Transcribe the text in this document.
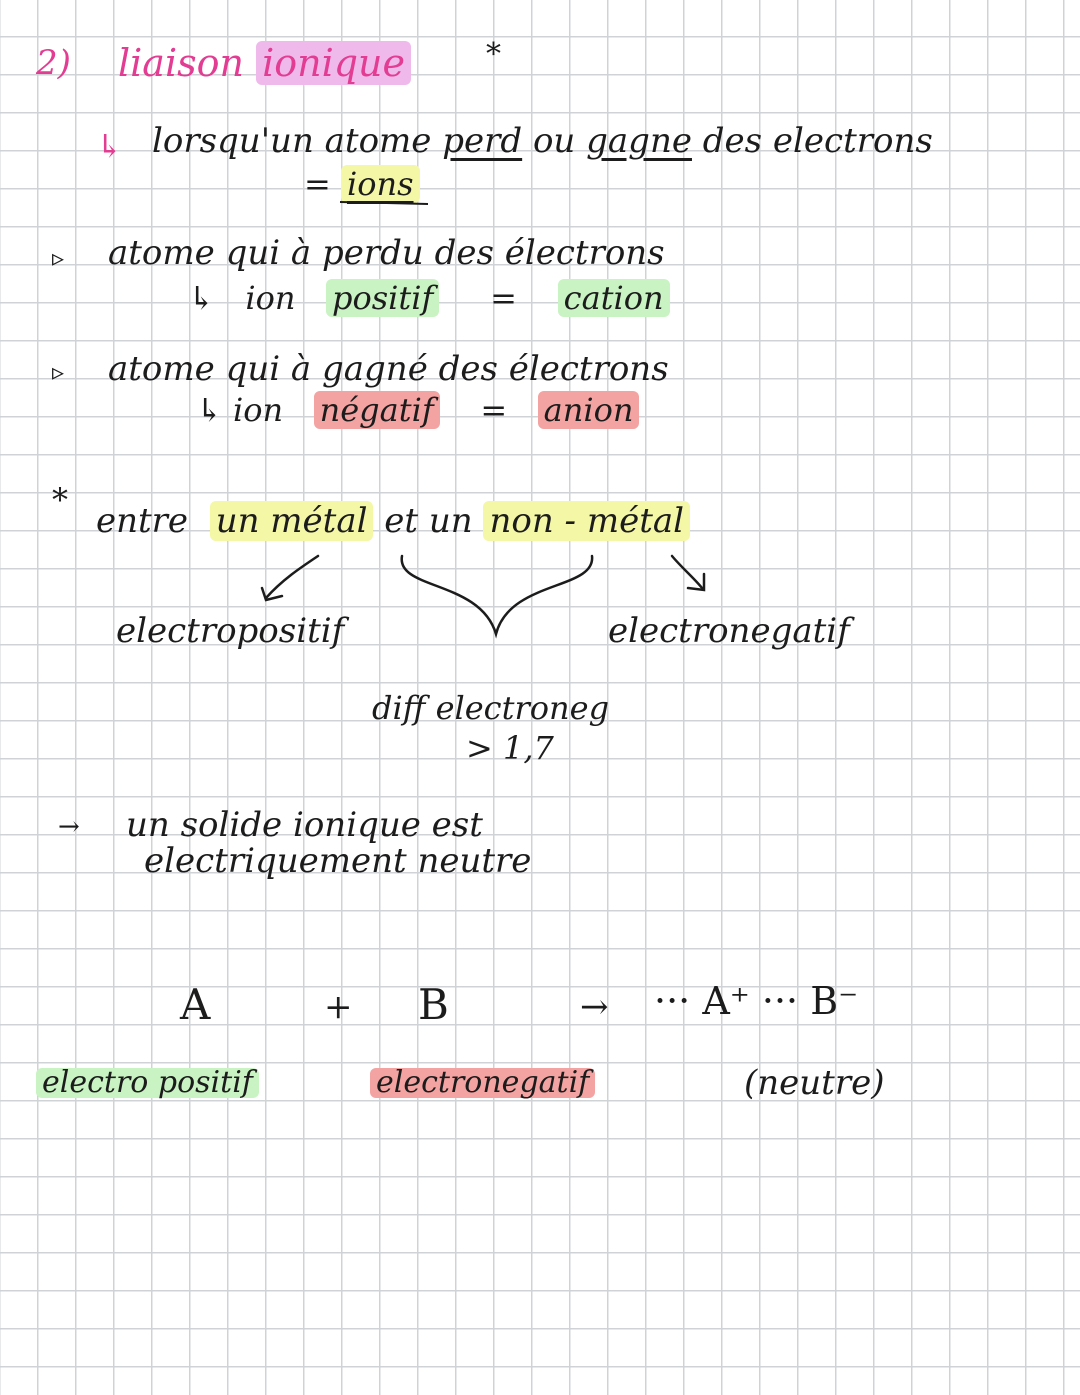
2) liaison ionique	*
↳ lorsqu'un atome perd ou gagne des electrons
= ions
▹ atome qui à perdu des électrons
↳ ion positif = cation
▹ atome qui à gagné des électrons
↳ ion négatif = anion
*
entre un métal et un non - métal
electropositif	electronegatif
diff electroneg
> 1,7
→ un solide ionique est
electriquement neutre
A	+ B	→ ··· A⁺ ··· B⁻
electro positif	electronegatif	(neutre)
